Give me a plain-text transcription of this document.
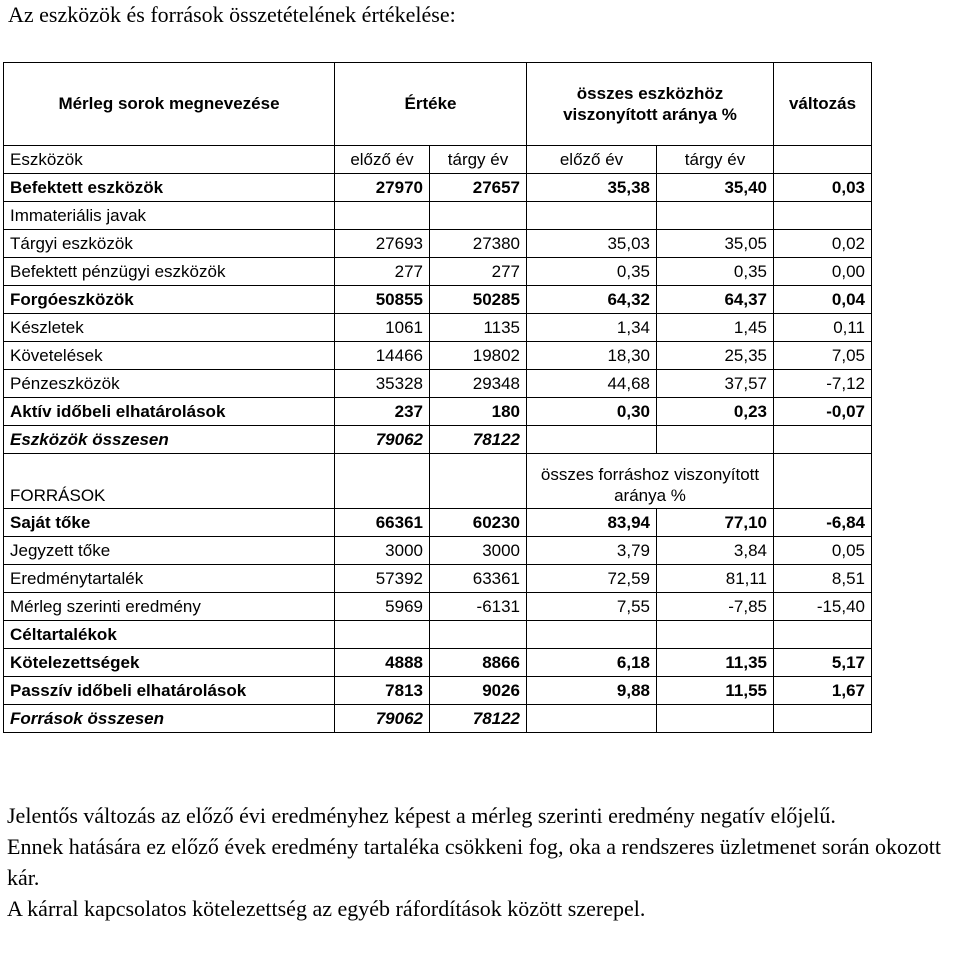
Az eszközök és források összetételének értékelése:
Mérleg sorok megnevezése	Értéke		összes eszközhöz viszonyított aránya %		változás
Eszközök	előző év	tárgy év	előző év	tárgy év	
Befektett eszközök	27970	27657	35,38	35,40	0,03
Immateriális javak					
Tárgyi eszközök	27693	27380	35,03	35,05	0,02
Befektett pénzügyi eszközök	277	277	0,35	0,35	0,00
Forgóeszközök	50855	50285	64,32	64,37	0,04
Készletek	1061	1135	1,34	1,45	0,11
Követelések	14466	19802	18,30	25,35	7,05
Pénzeszközök	35328	29348	44,68	37,57	-7,12
Aktív időbeli elhatárolások	237	180	0,30	0,23	-0,07
Eszközök összesen	79062	78122			
FORRÁSOK			összes forráshoz viszonyított aránya %		
Saját tőke	66361	60230	83,94	77,10	-6,84
Jegyzett tőke	3000	3000	3,79	3,84	0,05
Eredménytartalék	57392	63361	72,59	81,11	8,51
Mérleg szerinti eredmény	5969	-6131	7,55	-7,85	-15,40
Céltartalékok					
Kötelezettségek	4888	8866	6,18	11,35	5,17
Passzív időbeli elhatárolások	7813	9026	9,88	11,55	1,67
Források összesen	79062	78122			

Jelentős változás az előző évi eredményhez képest a mérleg szerinti eredmény negatív előjelű.

Ennek hatására ez előző évek eredmény tartaléka csökkeni fog, oka a rendszeres üzletmenet során okozott kár.

A kárral kapcsolatos kötelezettség az egyéb ráfordítások között szerepel.
